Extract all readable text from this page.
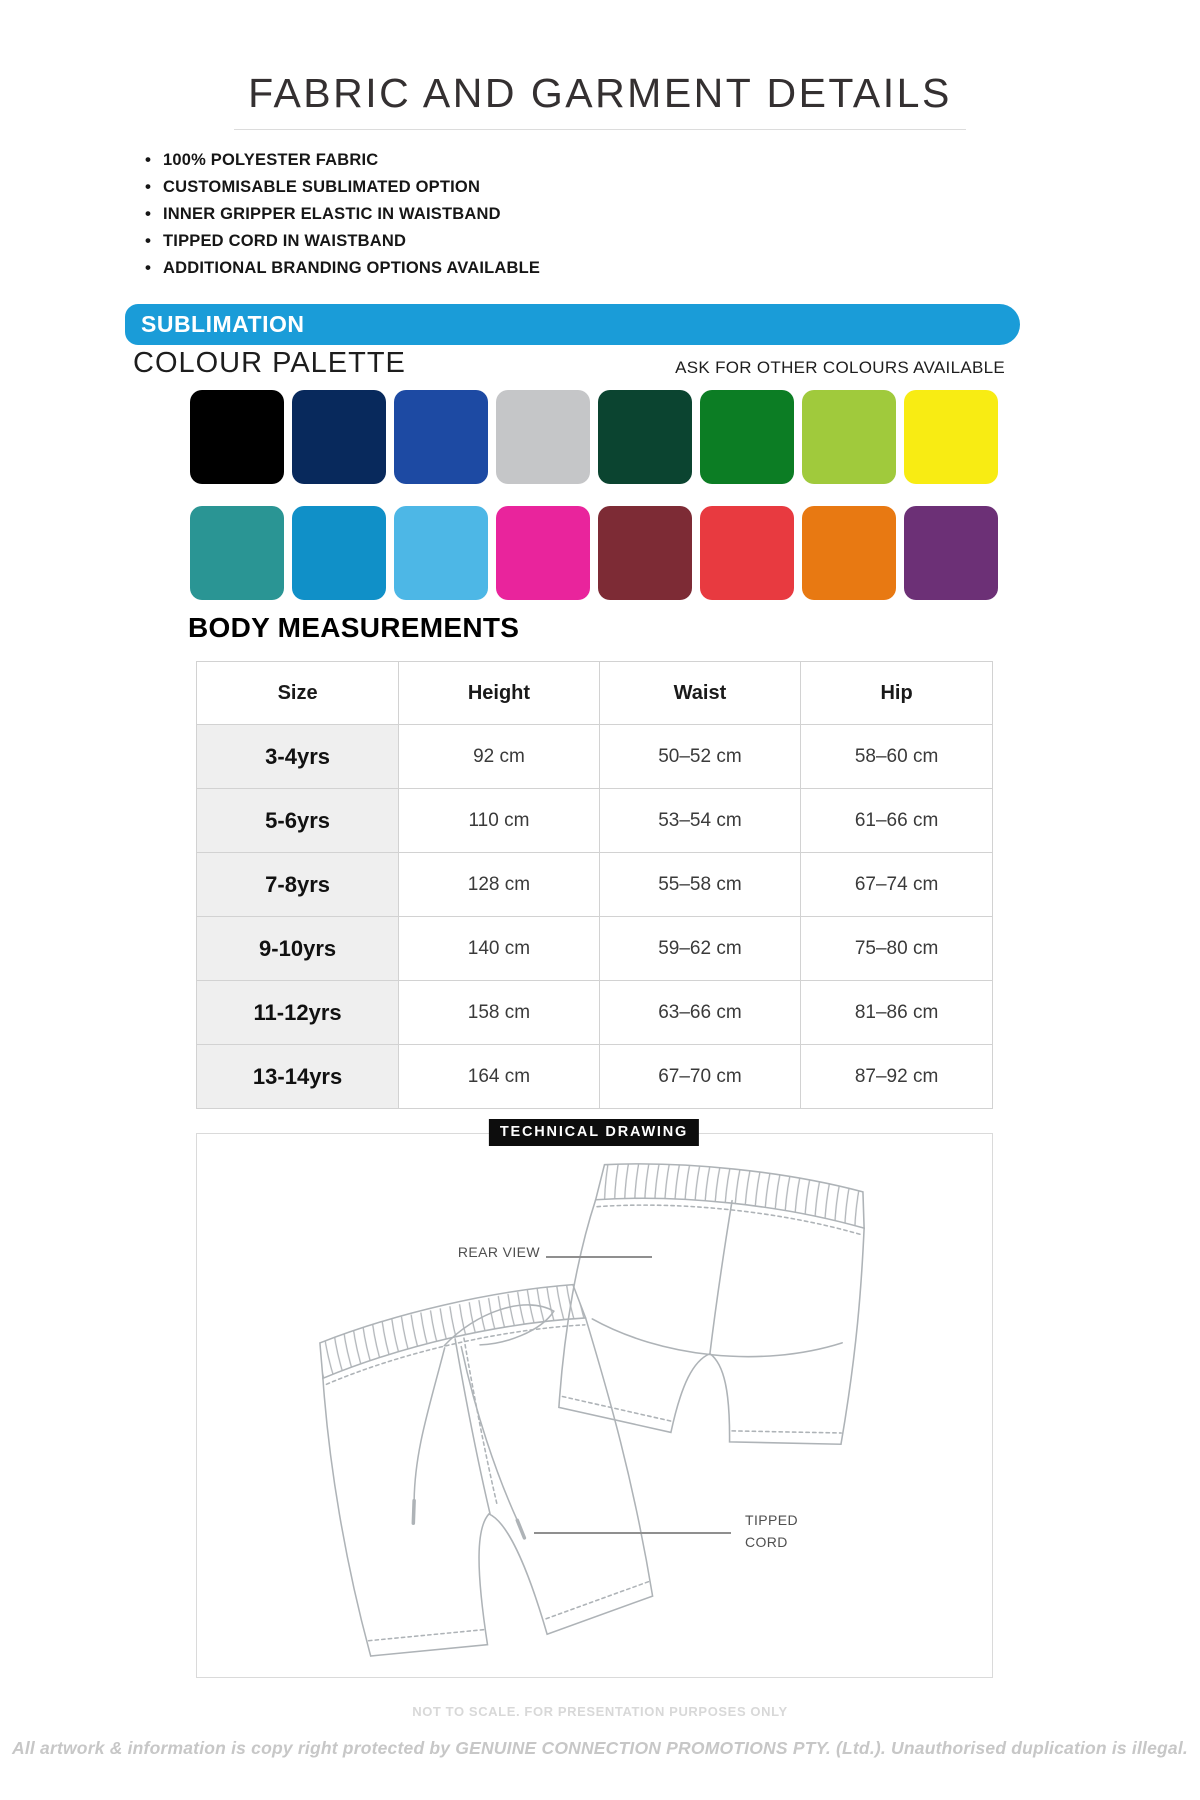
FABRIC AND GARMENT DETAILS
• 100% POLYESTER FABRIC
• CUSTOMISABLE SUBLIMATED OPTION
• INNER GRIPPER ELASTIC IN WAISTBAND
• TIPPED CORD IN WAISTBAND
• ADDITIONAL BRANDING OPTIONS AVAILABLE
SUBLIMATION
COLOUR PALETTE	ASK FOR OTHER COLOURS AVAILABLE
BODY MEASUREMENTS
Size	Height	Waist	Hip
3-4yrs	92 cm	50–52 cm	58–60 cm
5-6yrs	110 cm	53–54 cm	61–66 cm
7-8yrs	128 cm	55–58 cm	67–74 cm
9-10yrs	140 cm	59–62 cm	75–80 cm
11-12yrs	158 cm	63–66 cm	81–86 cm
13-14yrs	164 cm	67–70 cm	87–92 cm
TECHNICAL DRAWING
REAR VIEW
TIPPED
CORD
NOT TO SCALE. FOR PRESENTATION PURPOSES ONLY
All artwork & information is copy right protected by GENUINE CONNECTION PROMOTIONS PTY. (Ltd.). Unauthorised duplication is illegal.
